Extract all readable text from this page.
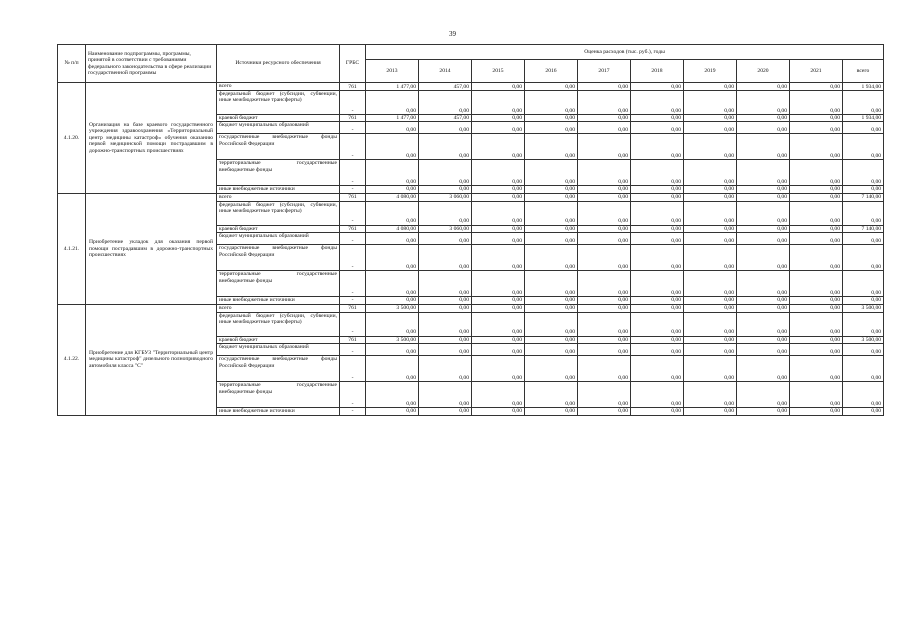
39
№ п/п	Наименование подпрограммы, программы, принятой в соответствии с требованиями федерального законодательства в сфере реализации государственной программы	Источники ресурсного обеспечения	ГРБС	Оценка расходов (тыс. руб.), годы									
				2013	2014	2015	2016	2017	2018	2019	2020	2021	всего
4.1.20.	Организация на базе краевого государственного учреждения здравоохранения «Территориальный центр медицины катастроф» обучения оказанию первой медицинской помощи пострадавшим в дорожно-транспортных происшествиях	всего	761	1 477,00	457,00	0,00	0,00	0,00	0,00	0,00	0,00	0,00	1 934,00
		федеральный бюджет (субсидии, субвенции, иные межбюджетные трансферты)	-	0,00	0,00	0,00	0,00	0,00	0,00	0,00	0,00	0,00	0,00
		краевой бюджет	761	1 477,00	457,00	0,00	0,00	0,00	0,00	0,00	0,00	0,00	1 934,00
		бюджет муниципальных образований	-	0,00	0,00	0,00	0,00	0,00	0,00	0,00	0,00	0,00	0,00
		государственные внебюджетные фонды Российской Федерации	-	0,00	0,00	0,00	0,00	0,00	0,00	0,00	0,00	0,00	0,00
		территориальные государственные внебюджетные фонды	-	0,00	0,00	0,00	0,00	0,00	0,00	0,00	0,00	0,00	0,00
		иные внебюджетные источники	-	0,00	0,00	0,00	0,00	0,00	0,00	0,00	0,00	0,00	0,00
4.1.21.	Приобретение укладок для оказания первой помощи пострадавшим в дорожно-транспортных происшествиях	всего	761	4 080,00	3 060,00	0,00	0,00	0,00	0,00	0,00	0,00	0,00	7 140,00
		федеральный бюджет (субсидии, субвенции, иные межбюджетные трансферты)	-	0,00	0,00	0,00	0,00	0,00	0,00	0,00	0,00	0,00	0,00
		краевой бюджет	761	4 080,00	3 060,00	0,00	0,00	0,00	0,00	0,00	0,00	0,00	7 140,00
		бюджет муниципальных образований	-	0,00	0,00	0,00	0,00	0,00	0,00	0,00	0,00	0,00	0,00
		государственные внебюджетные фонды Российской Федерации	-	0,00	0,00	0,00	0,00	0,00	0,00	0,00	0,00	0,00	0,00
		территориальные государственные внебюджетные фонды	-	0,00	0,00	0,00	0,00	0,00	0,00	0,00	0,00	0,00	0,00
		иные внебюджетные источники	-	0,00	0,00	0,00	0,00	0,00	0,00	0,00	0,00	0,00	0,00
4.1.22.	Приобретение для КГБУЗ "Территориальный центр медицины катастроф" дизельного полноприводного автомобиля класса "С"	всего	761	3 500,00	0,00	0,00	0,00	0,00	0,00	0,00	0,00	0,00	3 500,00
		федеральный бюджет (субсидии, субвенции, иные межбюджетные трансферты)	-	0,00	0,00	0,00	0,00	0,00	0,00	0,00	0,00	0,00	0,00
		краевой бюджет	761	3 500,00	0,00	0,00	0,00	0,00	0,00	0,00	0,00	0,00	3 500,00
		бюджет муниципальных образований	-	0,00	0,00	0,00	0,00	0,00	0,00	0,00	0,00	0,00	0,00
		государственные внебюджетные фонды Российской Федерации	-	0,00	0,00	0,00	0,00	0,00	0,00	0,00	0,00	0,00	0,00
		территориальные государственные внебюджетные фонды	-	0,00	0,00	0,00	0,00	0,00	0,00	0,00	0,00	0,00	0,00
		иные внебюджетные источники	-	0,00	0,00	0,00	0,00	0,00	0,00	0,00	0,00	0,00	0,00
